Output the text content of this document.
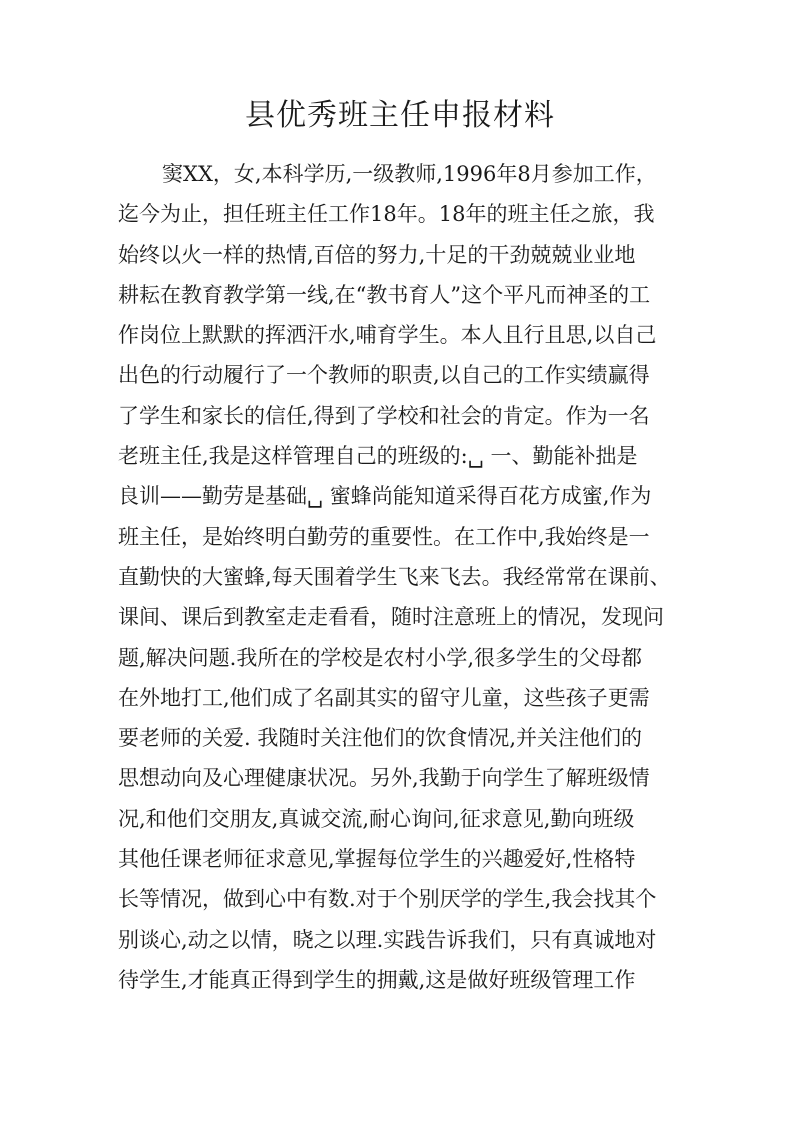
县优秀班主任申报材料
窦XX，女,本科学历,一级教师,1996年8月参加工作，
迄今为止，担任班主任工作18年。18年的班主任之旅，我
始终以火一样的热情,百倍的努力,十足的干劲兢兢业业地
耕耘在教育教学第一线,在“教书育人”这个平凡而神圣的工
作岗位上默默的挥洒汗水,哺育学生。本人且行且思,以自己
出色的行动履行了一个教师的职责,以自己的工作实绩赢得
了学生和家长的信任,得到了学校和社会的肯定。作为一名
老班主任,我是这样管理自己的班级的:␣ 一、勤能补拙是
良训——勤劳是基础␣ 蜜蜂尚能知道采得百花方成蜜,作为
班主任，是始终明白勤劳的重要性。在工作中,我始终是一
直勤快的大蜜蜂,每天围着学生飞来飞去。我经常常在课前、
课间、课后到教室走走看看，随时注意班上的情况，发现问
题,解决问题.我所在的学校是农村小学,很多学生的父母都
在外地打工,他们成了名副其实的留守儿童，这些孩子更需
要老师的关爱. 我随时关注他们的饮食情况,并关注他们的
思想动向及心理健康状况。另外,我勤于向学生了解班级情
况,和他们交朋友,真诚交流,耐心询问,征求意见,勤向班级
其他任课老师征求意见,掌握每位学生的兴趣爱好,性格特
长等情况，做到心中有数.对于个别厌学的学生,我会找其个
别谈心,动之以情，晓之以理.实践告诉我们，只有真诚地对
待学生,才能真正得到学生的拥戴,这是做好班级管理工作
